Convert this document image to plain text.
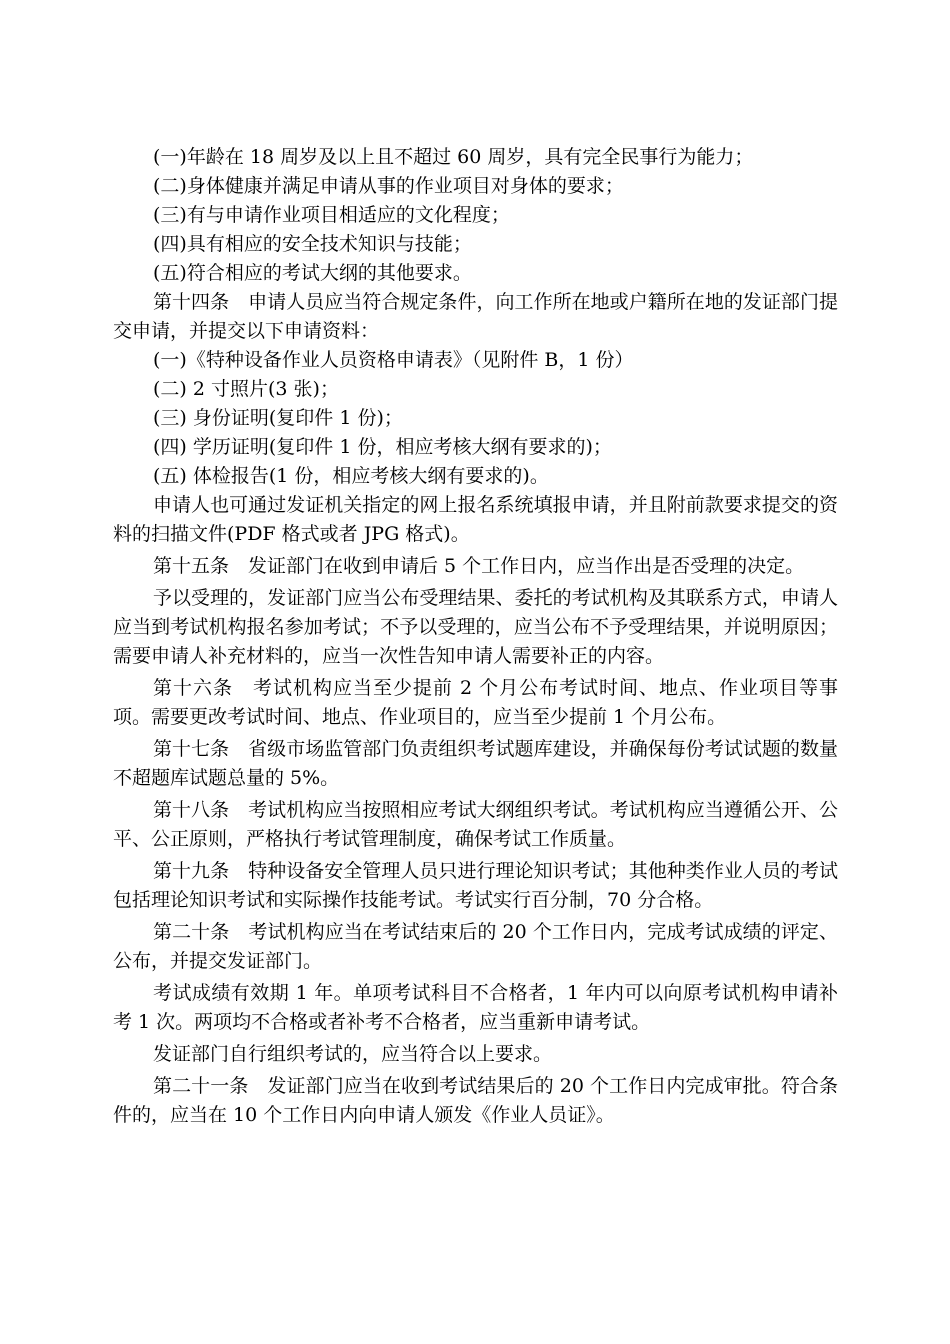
(一)年龄在 18 周岁及以上且不超过 60 周岁，具有完全民事行为能力；

(二)身体健康并满足申请从事的作业项目对身体的要求；

(三)有与申请作业项目相适应的文化程度；

(四)具有相应的安全技术知识与技能；

(五)符合相应的考试大纲的其他要求。

第十四条　申请人员应当符合规定条件，向工作所在地或户籍所在地的发证部门提交申请，并提交以下申请资料：

(一)《特种设备作业人员资格申请表》（见附件 B，1 份）

(二) 2 寸照片(3 张)；

(三) 身份证明(复印件 1 份)；

(四) 学历证明(复印件 1 份，相应考核大纲有要求的)；

(五) 体检报告(1 份，相应考核大纲有要求的)。

申请人也可通过发证机关指定的网上报名系统填报申请，并且附前款要求提交的资料的扫描文件(PDF 格式或者 JPG 格式)。

第十五条　发证部门在收到申请后 5 个工作日内，应当作出是否受理的决定。

予以受理的，发证部门应当公布受理结果、委托的考试机构及其联系方式，申请人应当到考试机构报名参加考试；不予以受理的，应当公布不予受理结果，并说明原因；需要申请人补充材料的，应当一次性告知申请人需要补正的内容。

第十六条　考试机构应当至少提前 2 个月公布考试时间、地点、作业项目等事项。需要更改考试时间、地点、作业项目的，应当至少提前 1 个月公布。

第十七条　省级市场监管部门负责组织考试题库建设，并确保每份考试试题的数量不超题库试题总量的 5%。

第十八条　考试机构应当按照相应考试大纲组织考试。考试机构应当遵循公开、公平、公正原则，严格执行考试管理制度，确保考试工作质量。

第十九条　特种设备安全管理人员只进行理论知识考试；其他种类作业人员的考试包括理论知识考试和实际操作技能考试。考试实行百分制，70 分合格。

第二十条　考试机构应当在考试结束后的 20 个工作日内，完成考试成绩的评定、公布，并提交发证部门。

考试成绩有效期 1 年。单项考试科目不合格者，1 年内可以向原考试机构申请补考 1 次。两项均不合格或者补考不合格者，应当重新申请考试。

发证部门自行组织考试的，应当符合以上要求。

第二十一条　发证部门应当在收到考试结果后的 20 个工作日内完成审批。符合条件的，应当在 10 个工作日内向申请人颁发《作业人员证》。
